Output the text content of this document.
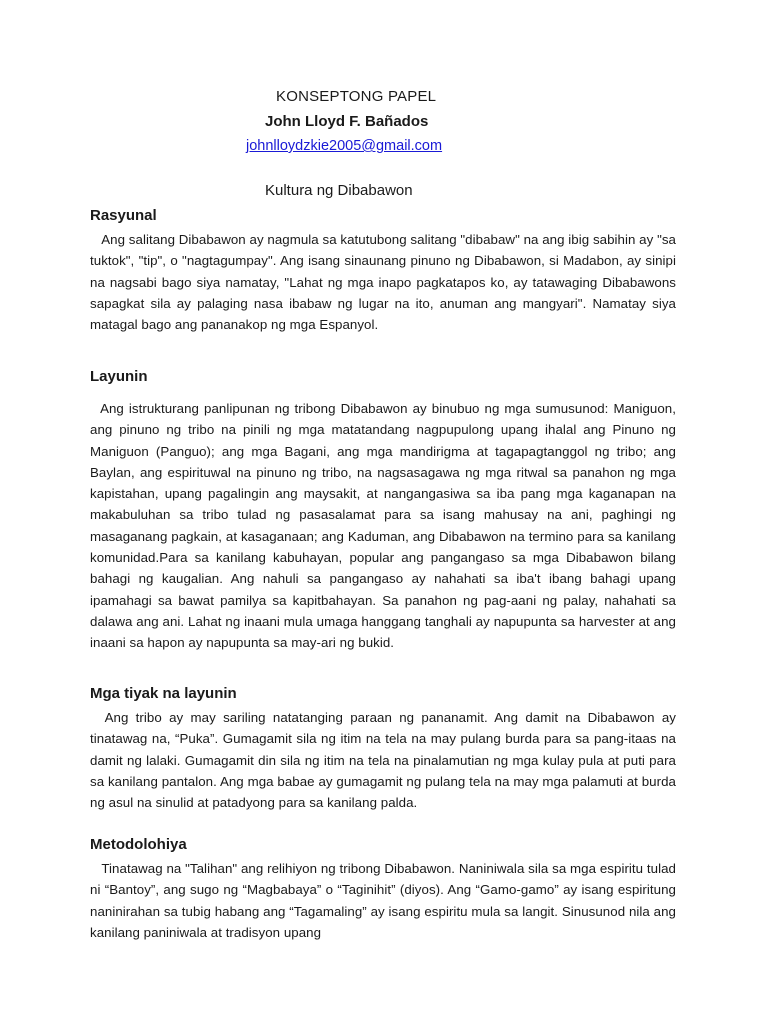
KONSEPTONG PAPEL

John Lloyd F. Bañados

johnlloydzkie2005@gmail.com

Kultura ng Dibabawon

Rasyunal

Ang salitang Dibabawon ay nagmula sa katutubong salitang "dibabaw" na ang ibig sabihin ay "sa tuktok", "tip", o "nagtagumpay". Ang isang sinaunang pinuno ng Dibabawon, si Madabon, ay sinipi na nagsabi bago siya namatay, "Lahat ng mga inapo pagkatapos ko, ay tatawaging Dibabawons sapagkat sila ay palaging nasa ibabaw ng lugar na ito, anuman ang mangyari". Namatay siya matagal bago ang pananakop ng mga Espanyol.

Layunin

Ang istrukturang panlipunan ng tribong Dibabawon ay binubuo ng mga sumusunod: Maniguon, ang pinuno ng tribo na pinili ng mga matatandang nagpupulong upang ihalal ang Pinuno ng Maniguon (Panguo); ang mga Bagani, ang mga mandirigma at tagapagtanggol ng tribo; ang Baylan, ang espirituwal na pinuno ng tribo, na nagsasagawa ng mga ritwal sa panahon ng mga kapistahan, upang pagalingin ang maysakit, at nangangasiwa sa iba pang mga kaganapan na makabuluhan sa tribo tulad ng pasasalamat para sa isang mahusay na ani, paghingi ng masaganang pagkain, at kasaganaan; ang Kaduman, ang Dibabawon na termino para sa kanilang komunidad.Para sa kanilang kabuhayan, popular ang pangangaso sa mga Dibabawon bilang bahagi ng kaugalian. Ang nahuli sa pangangaso ay nahahati sa iba't ibang bahagi upang ipamahagi sa bawat pamilya sa kapitbahayan. Sa panahon ng pag-aani ng palay, nahahati sa dalawa ang ani. Lahat ng inaani mula umaga hanggang tanghali ay napupunta sa harvester at ang inaani sa hapon ay napupunta sa may-ari ng bukid.

Mga tiyak na layunin

Ang tribo ay may sariling natatanging paraan ng pananamit. Ang damit na Dibabawon ay tinatawag na, “Puka”. Gumagamit sila ng itim na tela na may pulang burda para sa pang-itaas na damit ng lalaki. Gumagamit din sila ng itim na tela na pinalamutian ng mga kulay pula at puti para sa kanilang pantalon. Ang mga babae ay gumagamit ng pulang tela na may mga palamuti at burda ng asul na sinulid at patadyong para sa kanilang palda.

Metodolohiya

Tinatawag na "Talihan" ang relihiyon ng tribong Dibabawon. Naniniwala sila sa mga espiritu tulad ni “Bantoy”, ang sugo ng “Magbabaya” o “Taginihit” (diyos). Ang “Gamo-gamo” ay isang espiritung naninirahan sa tubig habang ang “Tagamaling” ay isang espiritu mula sa langit. Sinusunod nila ang kanilang paniniwala at tradisyon upang
